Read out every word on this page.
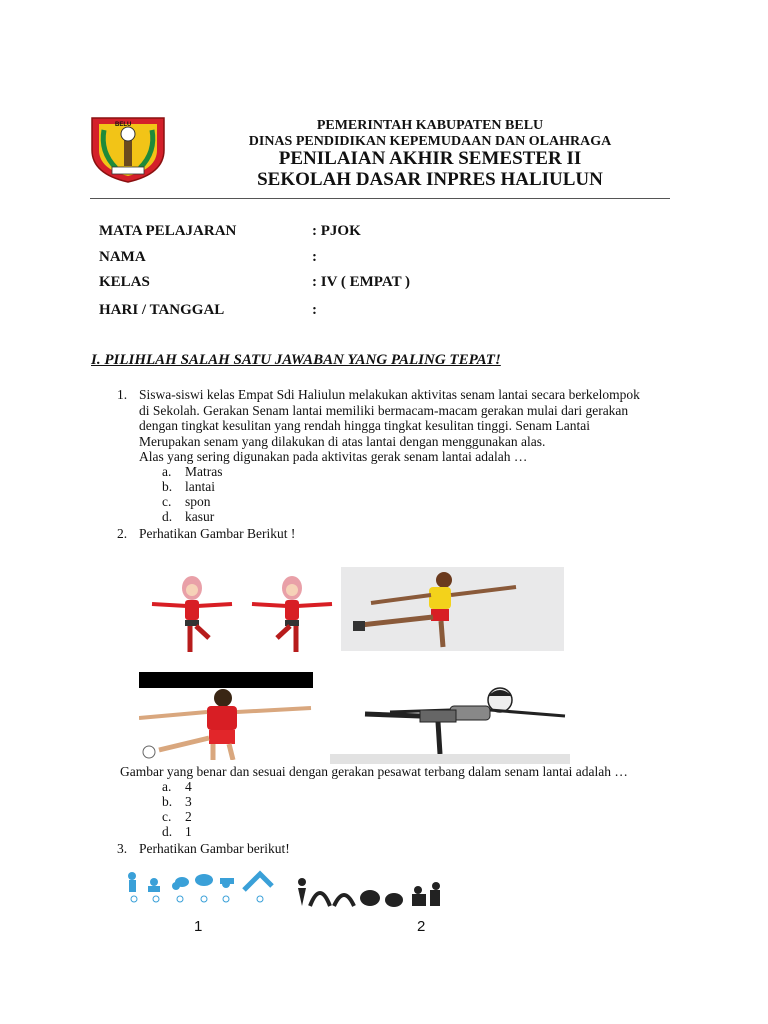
BELU	PEMERINTAH KABUPATEN BELU
DINAS PENDIDIKAN KEPEMUDAAN DAN OLAHRAGA
PENILAIAN AKHIR SEMESTER II
SEKOLAH DASAR INPRES HALIULUN
MATA PELAJARAN	: PJOK
NAMA	:
KELAS	: IV ( EMPAT )
HARI / TANGGAL	:
I. PILIHLAH SALAH SATU JAWABAN YANG PALING TEPAT!
1. Siswa-siswi kelas Empat Sdi Haliulun melakukan aktivitas senam lantai secara berkelompok
di Sekolah. Gerakan Senam lantai memiliki bermacam-macam gerakan mulai dari gerakan
dengan tingkat kesulitan yang rendah hingga tingkat kesulitan tinggi. Senam Lantai
Merupakan senam yang dilakukan di atas lantai dengan menggunakan alas.
Alas yang sering digunakan pada aktivitas gerak senam lantai adalah …
a. Matras
b. lantai
c. spon
d. kasur
2. Perhatikan Gambar Berikut !
Gambar yang benar dan sesuai dengan gerakan pesawat terbang dalam senam lantai adalah …
a. 4
b. 3
c. 2
d. 1
3. Perhatikan Gambar berikut!
1	2
